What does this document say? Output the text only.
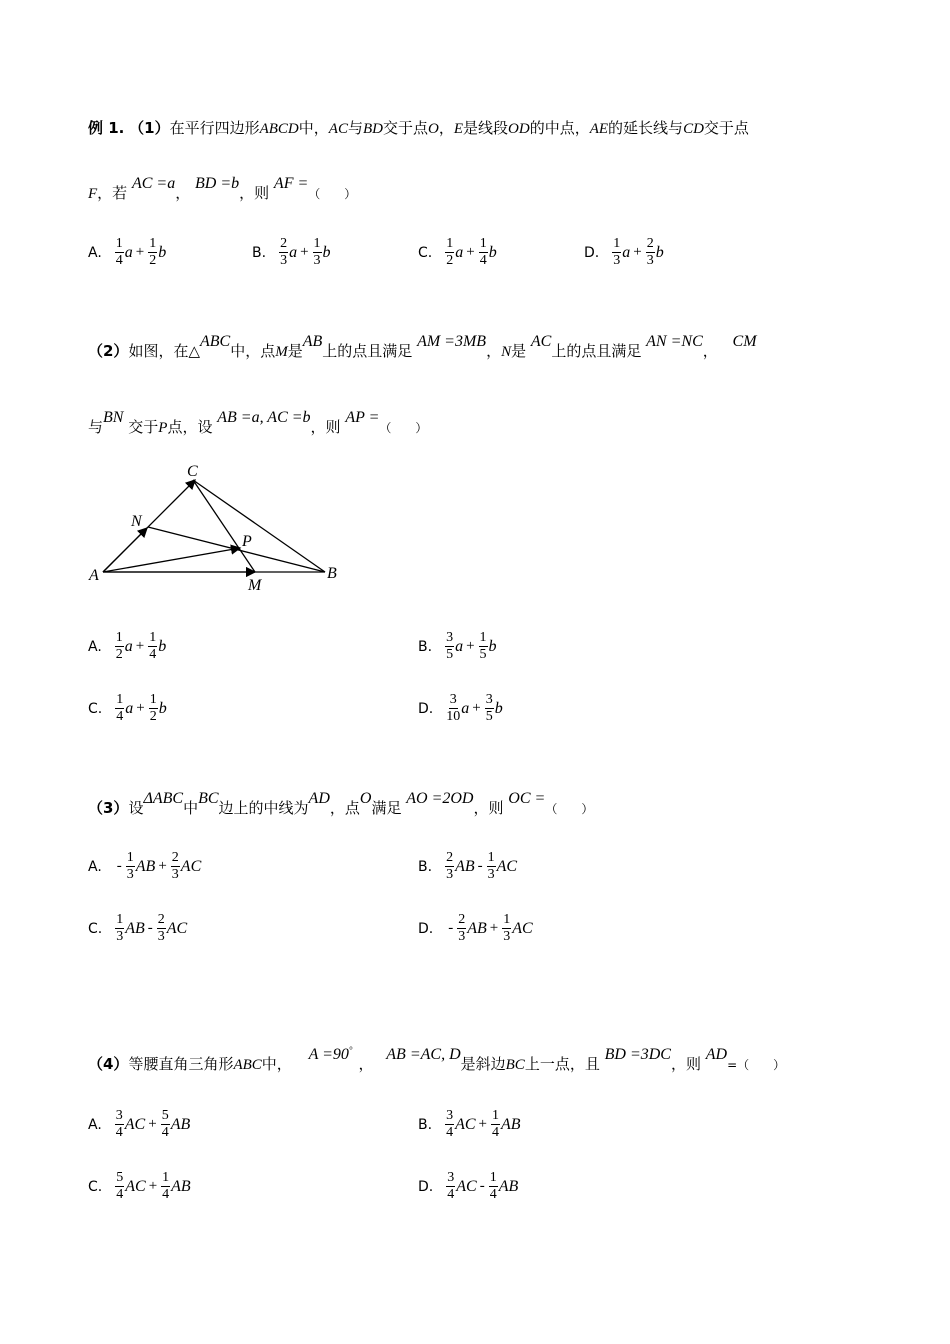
例 1. （1）在平行四边形ABCD中，AC与BD交于点O，E是线段OD的中点，AE的延长线与CD交于点
F，若 AC =a， BD =b，则 AF =（　　）
A. $\frac{1}{4}$ $a + \frac{1}{2}$ b	B. $\frac{2}{3}$ $a + \frac{1}{3}$ b	C. $\frac{1}{2}$ $a + \frac{1}{4}$ b	D. $\frac{1}{3}$ $a + \frac{2}{3}$ b
（2）如图，在△ABC中，点M是AB上的点且满足 AM =3MB，N是 AC上的点且满足 AN =NC， CM
与BN 交于P点，设 AB =a, AC =b，则 AP =（　　）
A	B
C
M
N
P
A. $\frac{1}{2}$ $a + \frac{1}{4}$ b	B. $\frac{3}{5}$ $a + \frac{1}{5}$ b
C. $\frac{1}{4}$ $a + \frac{1}{2}$ b	D. $\frac{3}{10}$ $a + \frac{3}{5}$ b
（3）设ΔABC中BC边上的中线为AD，点O满足 AO =2OD，则 OC =（　　）
A. - $\frac{1}{3}$ AB + $\frac{2}{3}$ AC	B. $\frac{2}{3}$ AB - $\frac{1}{3}$ AC
C. $\frac{1}{3}$ AB - $\frac{2}{3}$ AC	D. - $\frac{2}{3}$ AB + $\frac{1}{3}$ AC
（4）等腰直角三角形ABC中， A =90°， AB =AC, D是斜边BC上一点，且 BD =3DC，则 AD=（　　）
A. $\frac{3}{4}$ AC + $\frac{5}{4}$ AB	B. $\frac{3}{4}$ AC + $\frac{1}{4}$ AB
C. $\frac{5}{4}$ AC + $\frac{1}{4}$ AB	D. $\frac{3}{4}$ AC - $\frac{1}{4}$ AB
